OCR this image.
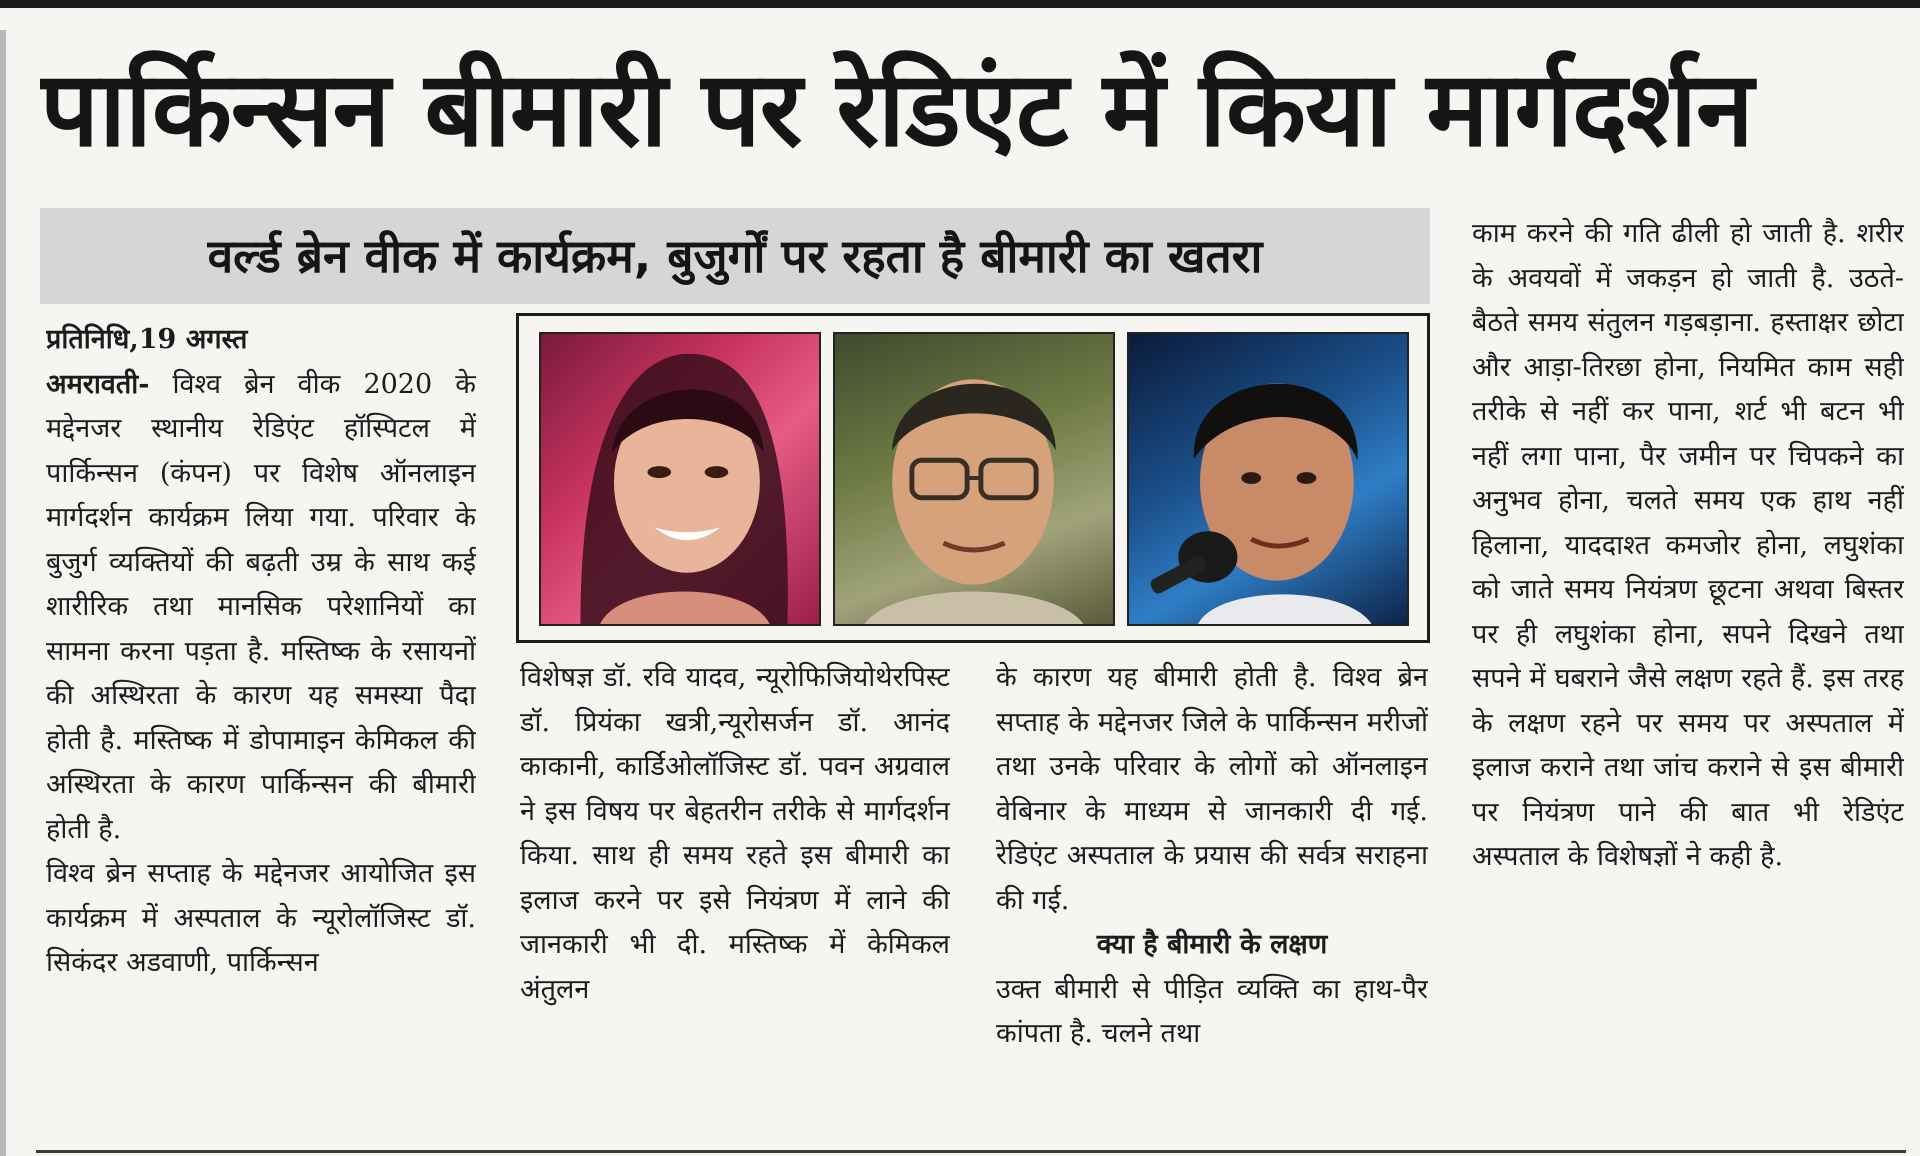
पार्किन्सन बीमारी पर रेडिएंट में किया मार्गदर्शन
वर्ल्ड ब्रेन वीक में कार्यक्रम, बुजुर्गों पर रहता है बीमारी का खतरा

प्रतिनिधि,19 अगस्त

अमरावती- विश्व ब्रेन वीक 2020 के मद्देनजर स्थानीय रेडिएंट हॉस्पिटल में पार्किन्सन (कंपन) पर विशेष ऑनलाइन मार्गदर्शन कार्यक्रम लिया गया. परिवार के बुजुर्ग व्यक्तियों की बढ़ती उम्र के साथ कई शारीरिक तथा मानसिक परेशानियों का सामना करना पड़ता है. मस्तिष्क के रसायनों की अस्थिरता के कारण यह समस्या पैदा होती है. मस्तिष्क में डोपामाइन केमिकल की अस्थिरता के कारण पार्किन्सन की बीमारी होती है.

विश्व ब्रेन सप्ताह के मद्देनजर आयोजित इस कार्यक्रम में अस्पताल के न्यूरोलॉजिस्ट डॉ. सिकंदर अडवाणी, पार्किन्सन

विशेषज्ञ डॉ. रवि यादव, न्यूरोफिजियोथेरपिस्ट डॉ. प्रियंका खत्री,न्यूरोसर्जन डॉ. आनंद काकानी, कार्डिओलॉजिस्ट डॉ. पवन अग्रवाल ने इस विषय पर बेहतरीन तरीके से मार्गदर्शन किया. साथ ही समय रहते इस बीमारी का इलाज करने पर इसे नियंत्रण में लाने की जानकारी भी दी. मस्तिष्क में केमिकल अंतुलन

के कारण यह बीमारी होती है. विश्व ब्रेन सप्ताह के मद्देनजर जिले के पार्किन्सन मरीजों तथा उनके परिवार के लोगों को ऑनलाइन वेबिनार के माध्यम से जानकारी दी गई. रेडिएंट अस्पताल के प्रयास की सर्वत्र सराहना की गई.

क्या है बीमारी के लक्षण

उक्त बीमारी से पीड़ित व्यक्ति का हाथ-पैर कांपता है. चलने तथा

काम करने की गति ढीली हो जाती है. शरीर के अवयवों में जकड़न हो जाती है. उठते-बैठते समय संतुलन गड़बड़ाना. हस्ताक्षर छोटा और आड़ा-तिरछा होना, नियमित काम सही तरीके से नहीं कर पाना, शर्ट भी बटन भी नहीं लगा पाना, पैर जमीन पर चिपकने का अनुभव होना, चलते समय एक हाथ नहीं हिलाना, याददाश्त कमजोर होना, लघुशंका को जाते समय नियंत्रण छूटना अथवा बिस्तर पर ही लघुशंका होना, सपने दिखने तथा सपने में घबराने जैसे लक्षण रहते हैं. इस तरह के लक्षण रहने पर समय पर अस्पताल में इलाज कराने तथा जांच कराने से इस बीमारी पर नियंत्रण पाने की बात भी रेडिएंट अस्पताल के विशेषज्ञों ने कही है.
